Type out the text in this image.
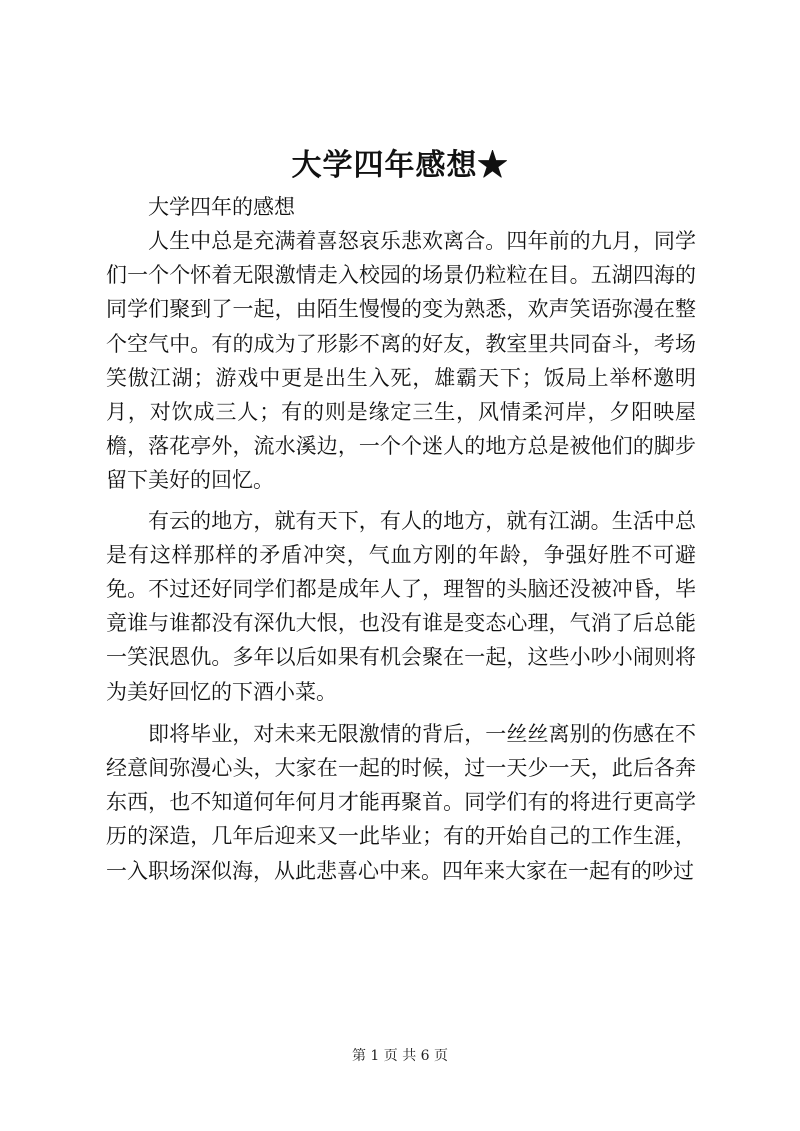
大学四年感想★

大学四年的感想

人生中总是充满着喜怒哀乐悲欢离合。四年前的九月，同学们一个个怀着无限激情走入校园的场景仍粒粒在目。五湖四海的同学们聚到了一起，由陌生慢慢的变为熟悉，欢声笑语弥漫在整个空气中。有的成为了形影不离的好友，教室里共同奋斗，考场笑傲江湖；游戏中更是出生入死，雄霸天下；饭局上举杯邀明月，对饮成三人；有的则是缘定三生，风情柔河岸，夕阳映屋檐，落花亭外，流水溪边，一个个迷人的地方总是被他们的脚步留下美好的回忆。

有云的地方，就有天下，有人的地方，就有江湖。生活中总是有这样那样的矛盾冲突，气血方刚的年龄，争强好胜不可避免。不过还好同学们都是成年人了，理智的头脑还没被冲昏，毕竟谁与谁都没有深仇大恨，也没有谁是变态心理，气消了后总能一笑泯恩仇。多年以后如果有机会聚在一起，这些小吵小闹则将为美好回忆的下酒小菜。

即将毕业，对未来无限激情的背后，一丝丝离别的伤感在不经意间弥漫心头，大家在一起的时候，过一天少一天，此后各奔东西，也不知道何年何月才能再聚首。同学们有的将进行更高学历的深造，几年后迎来又一此毕业；有的开始自己的工作生涯，一入职场深似海，从此悲喜心中来。四年来大家在一起有的吵过

第 1 页 共 6 页
